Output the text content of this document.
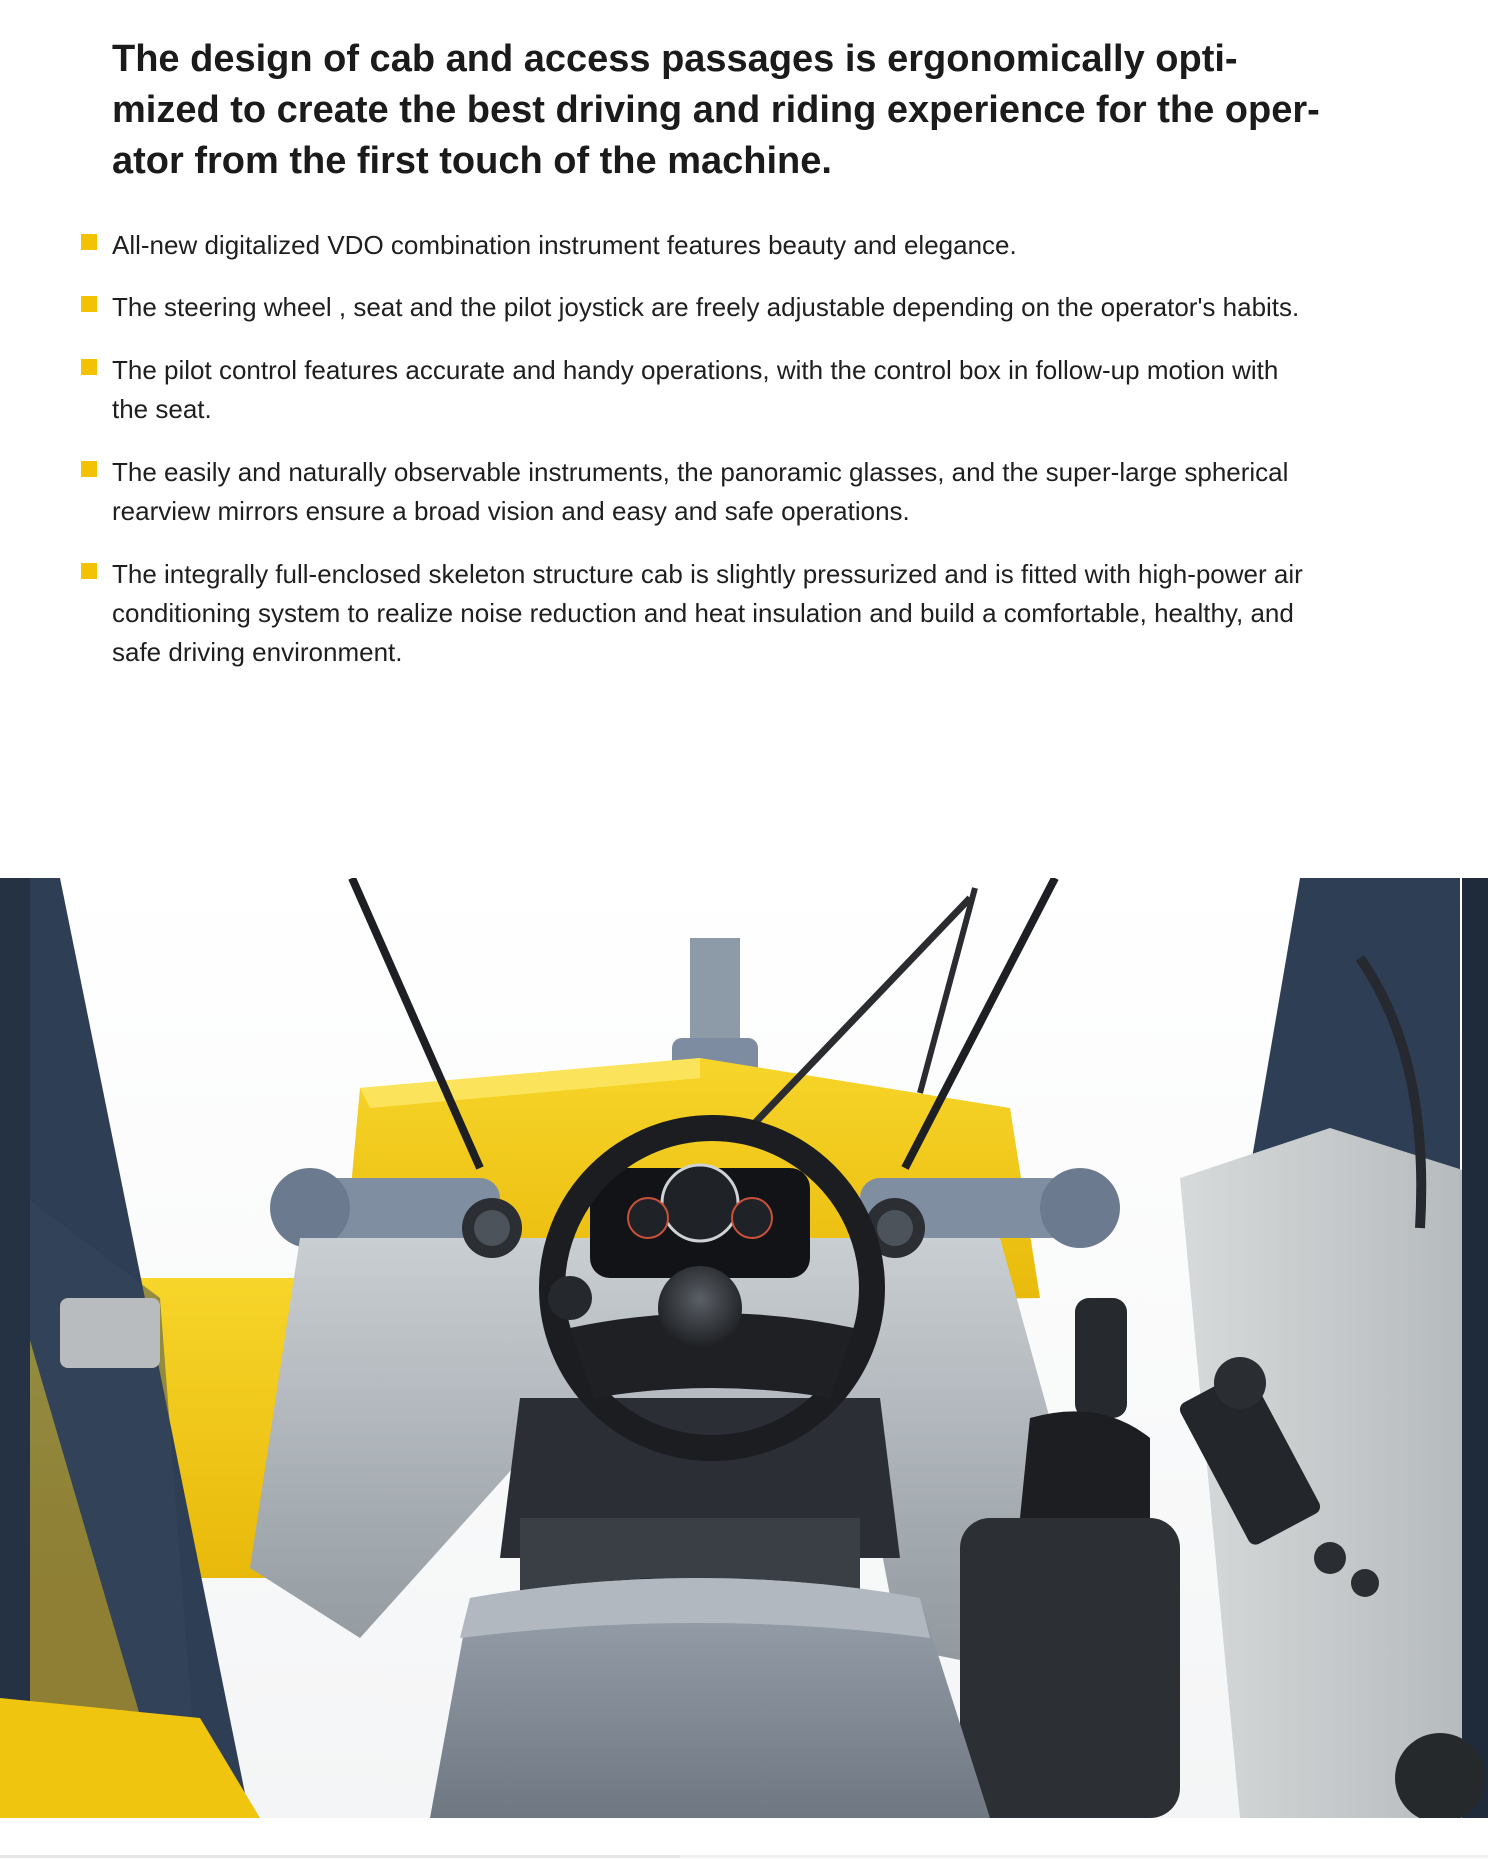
The design of cab and access passages is ergonomically opti-
mized to create the best driving and riding experience for the oper-
ator from the first touch of the machine.
All-new digitalized VDO combination instrument features beauty and elegance.
The steering wheel , seat and the pilot joystick are freely adjustable depending on the operator's habits.
The pilot control features accurate and handy operations, with the control box in follow-up motion with
the seat.
The easily and naturally observable instruments, the panoramic glasses, and the super-large spherical
rearview mirrors ensure a broad vision and easy and safe operations.
The integrally full-enclosed skeleton structure cab is slightly pressurized and is fitted with high-power air
conditioning system to realize noise reduction and heat insulation and build a comfortable, healthy, and
safe driving environment.
